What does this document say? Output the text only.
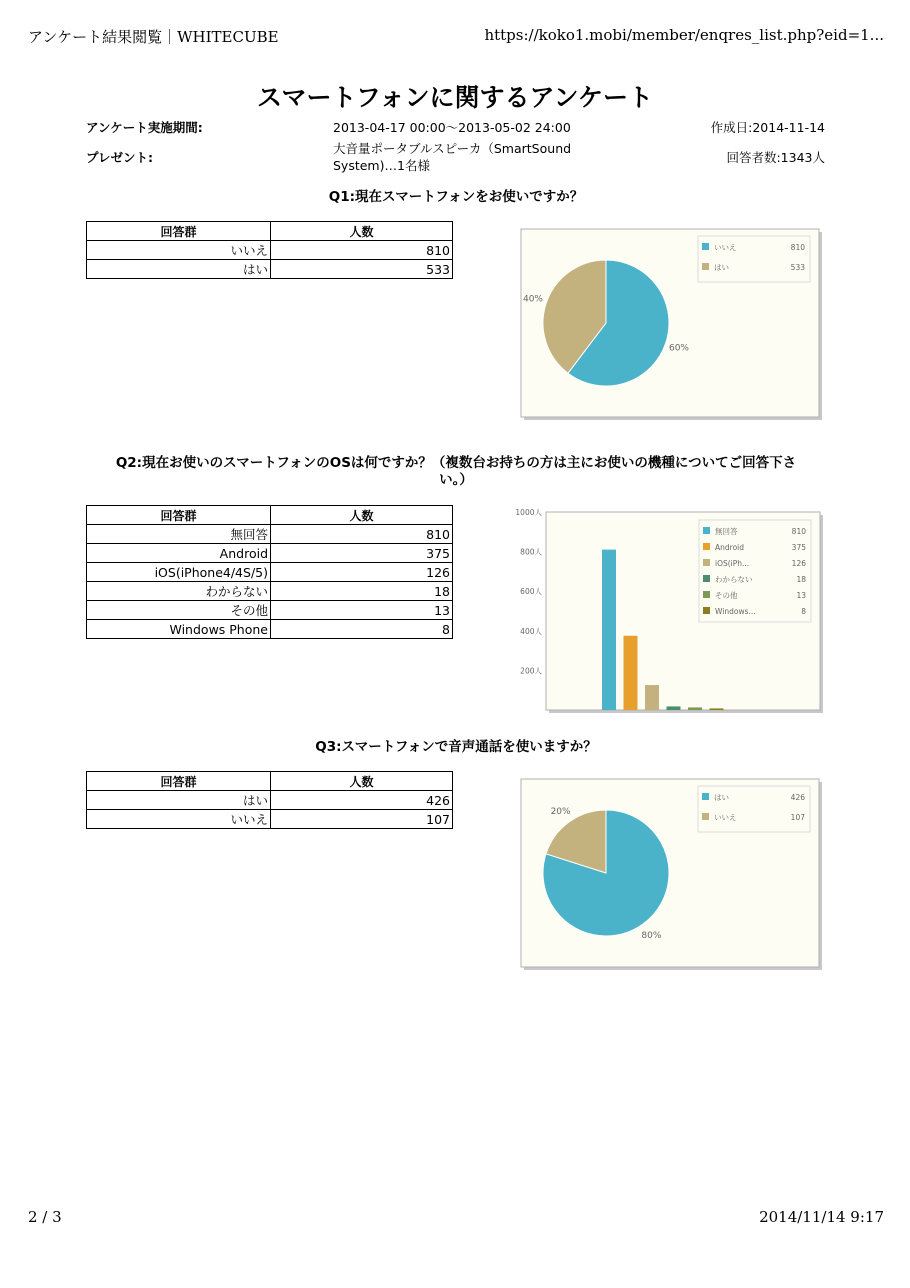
アンケート結果閲覧｜WHITECUBE	https://koko1.mobi/member/enqres_list.php?eid=1...
スマートフォンに関するアンケート
アンケート実施期間:	2013-04-17 00:00〜2013-05-02 24:00	作成日:2014-11-14
プレゼント:
大音量ポータブルスピーカ（SmartSound
System)…1名様
回答者数:1343人
Q1:現在スマートフォンをお使いですか？
回答群	人数
いいえ	810
はい	533
60%
40%
いいえ	810
はい	533
Q2:現在お使いのスマートフォンのOSは何ですか？（複数台お持ちの方は主にお使いの機種についてご回答下さ
い。）
回答群	人数
無回答	810
Android	375
iOS(iPhone4/4S/5)	126
わからない	18
その他	13
Windows Phone	8
1000人
800人
600人
400人
200人
無回答	810
Android	375
iOS(iPh...	126
わからない	18
その他	13
Windows...	8
Q3:スマートフォンで音声通話を使いますか？
回答群	人数
はい	426
いいえ	107
80%
20%
はい	426
いいえ	107
2 / 3	2014/11/14 9:17
